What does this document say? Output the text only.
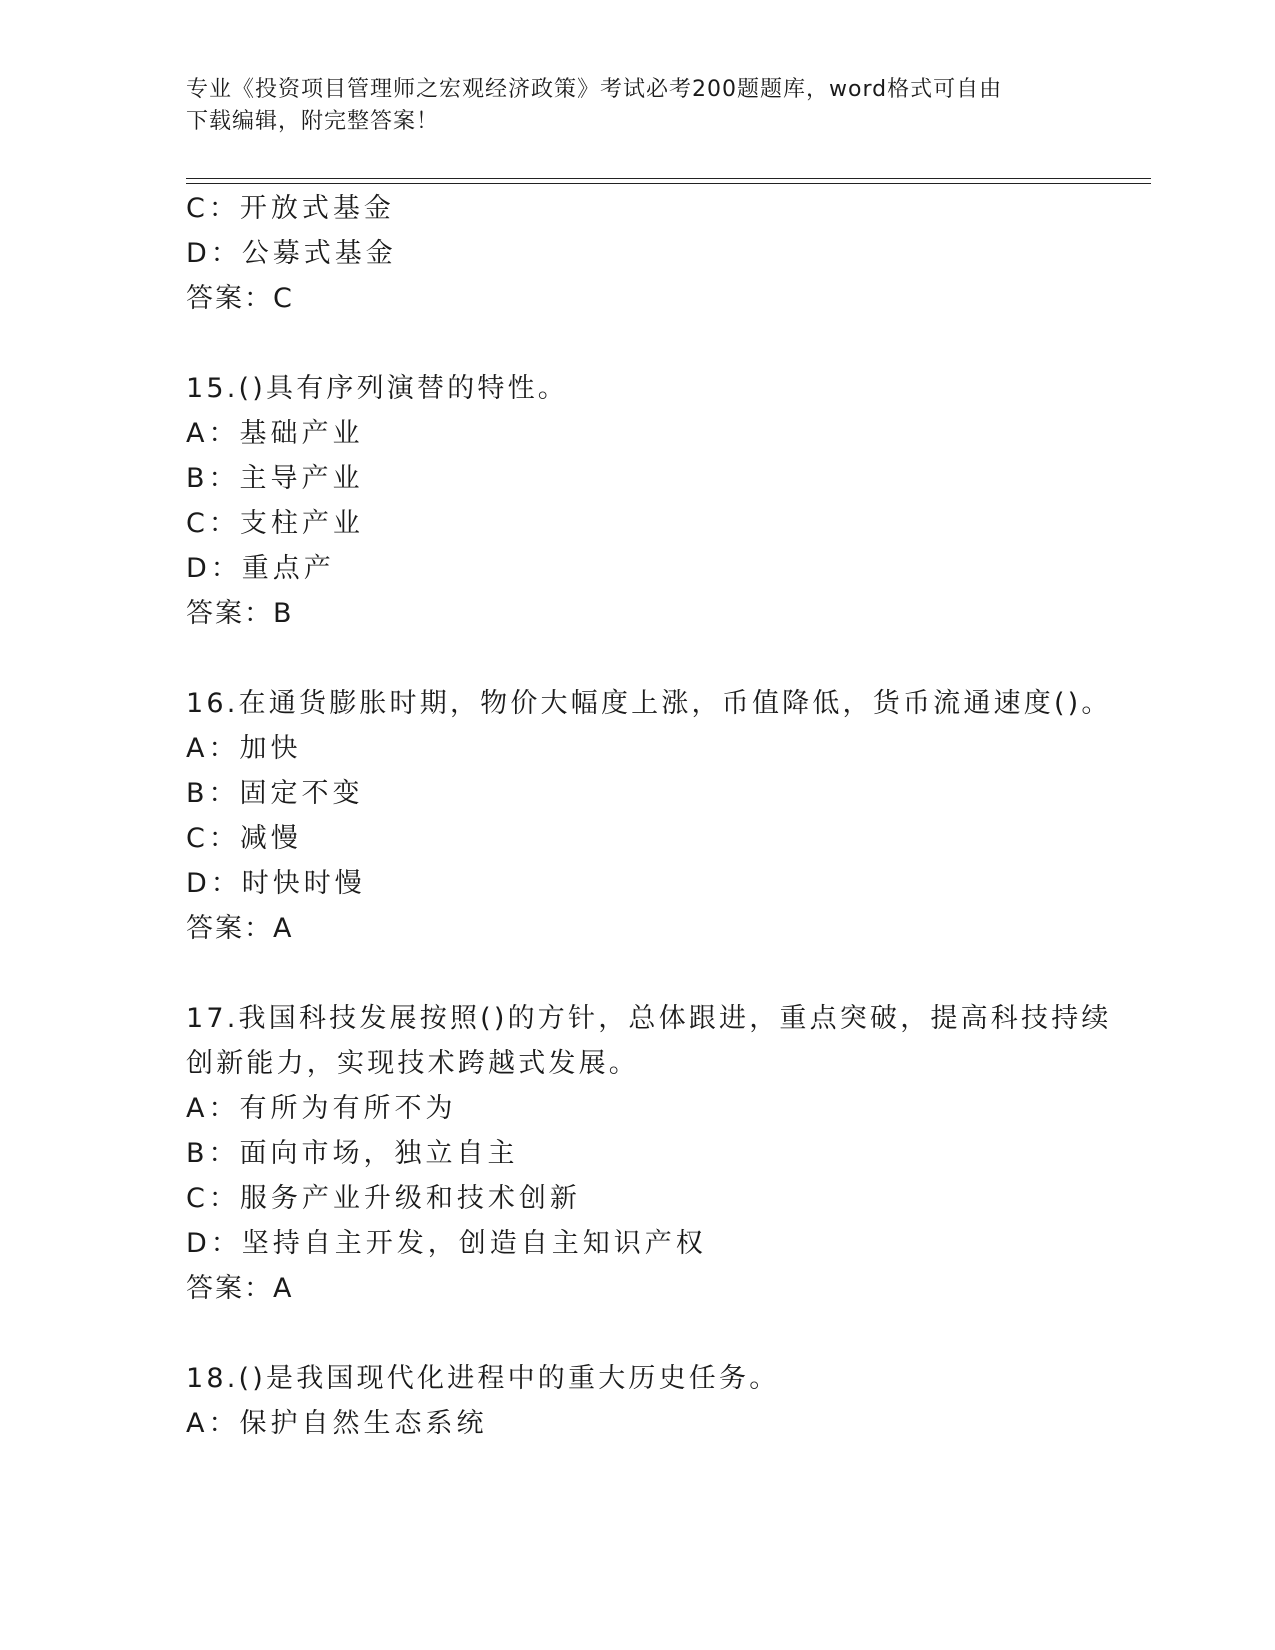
专业《投资项目管理师之宏观经济政策》考试必考200题题库，word格式可自由
下载编辑，附完整答案！
C：开放式基金
D：公募式基金
答案：C
15.()具有序列演替的特性。
A：基础产业
B：主导产业
C：支柱产业
D：重点产
答案：B
16.在通货膨胀时期，物价大幅度上涨，币值降低，货币流通速度()。
A：加快
B：固定不变
C：减慢
D：时快时慢
答案：A
17.我国科技发展按照()的方针，总体跟进，重点突破，提高科技持续
创新能力，实现技术跨越式发展。
A：有所为有所不为
B：面向市场，独立自主
C：服务产业升级和技术创新
D：坚持自主开发，创造自主知识产权
答案：A
18.()是我国现代化进程中的重大历史任务。
A：保护自然生态系统
